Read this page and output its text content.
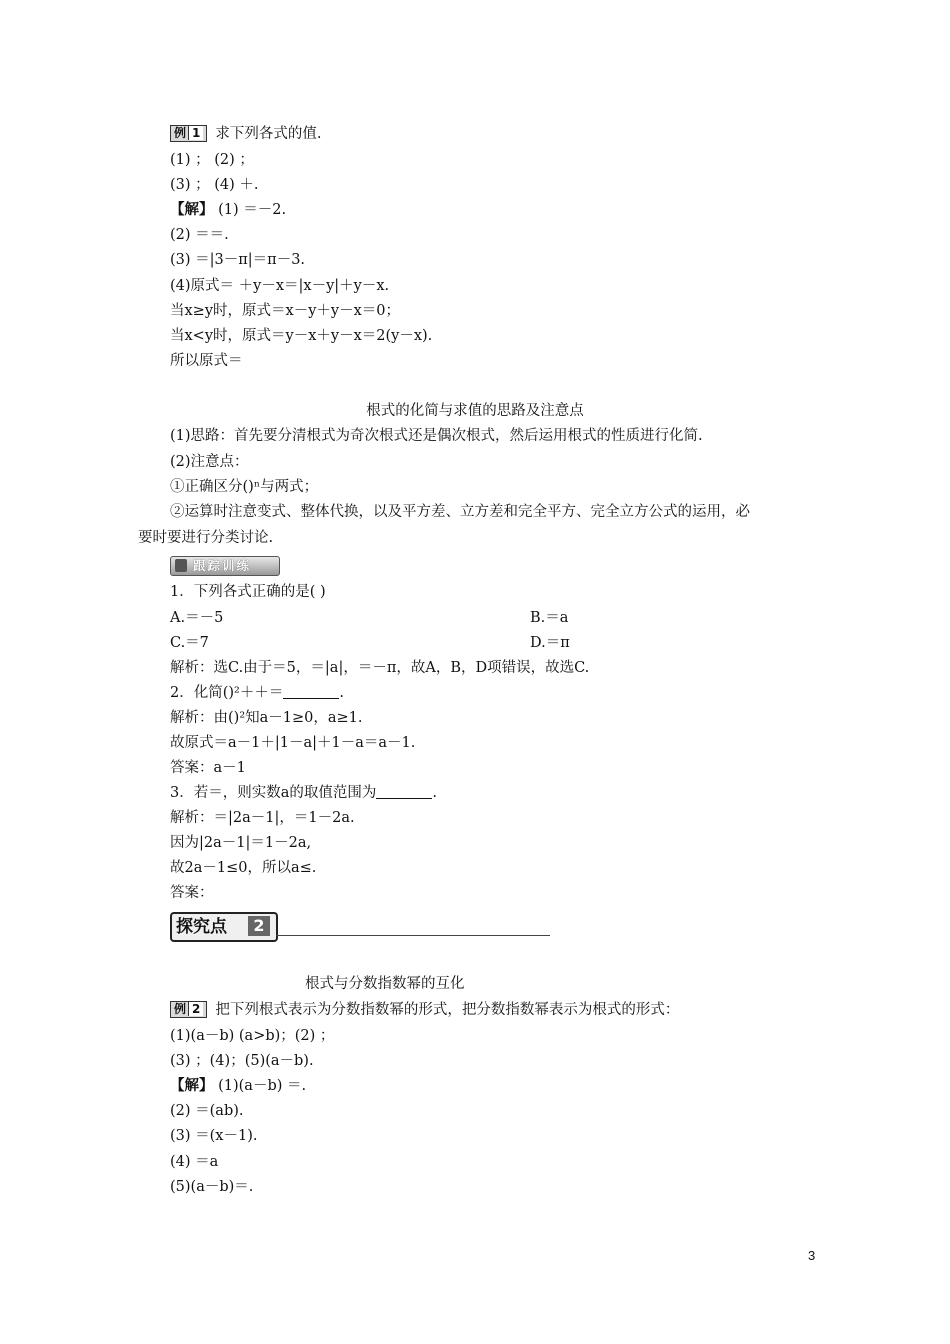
例 1 求下列各式的值.
(1) ； (2) ；
(3) ； (4) ＋.
【解】 (1) ＝－2.
(2) ＝＝.
(3) ＝|3－π|＝π－3.
(4)原式＝ ＋y－x＝|x－y|＋y－x.
当x≥y时，原式＝x－y＋y－x＝0；
当x<y时，原式＝y－x＋y－x＝2(y－x).
所以原式＝
根式的化简与求值的思路及注意点
(1)思路：首先要分清根式为奇次根式还是偶次根式，然后运用根式的性质进行化简.
(2)注意点：
①正确区分()ⁿ与两式；
②运算时注意变式、整体代换，以及平方差、立方差和完全平方、完全立方公式的运用，必
要时要进行分类讨论.
跟踪训练
1．下列各式正确的是( )
A.＝－5	B.＝a
C.＝7	D.＝π
解析：选C.由于＝5，＝|a|，＝－π，故A，B，D项错误，故选C.
2．化简()²＋＋＝	.
解析：由()²知a－1≥0，a≥1.
故原式＝a－1＋|1－a|＋1－a＝a－1.
答案：a－1
3．若＝，则实数a的取值范围为	.
解析：＝|2a－1|，＝1－2a.
因为|2a－1|＝1－2a,
故2a－1≤0，所以a≤.
答案：
探究点	2
根式与分数指数幂的互化
例 2 把下列根式表示为分数指数幂的形式，把分数指数幂表示为根式的形式：
(1)(a－b) (a>b)；(2) ；
(3) ；(4)；(5)(a－b).
【解】 (1)(a－b) ＝.
(2) ＝(ab).
(3) ＝(x－1).
(4) ＝a
(5)(a－b)＝.
3
